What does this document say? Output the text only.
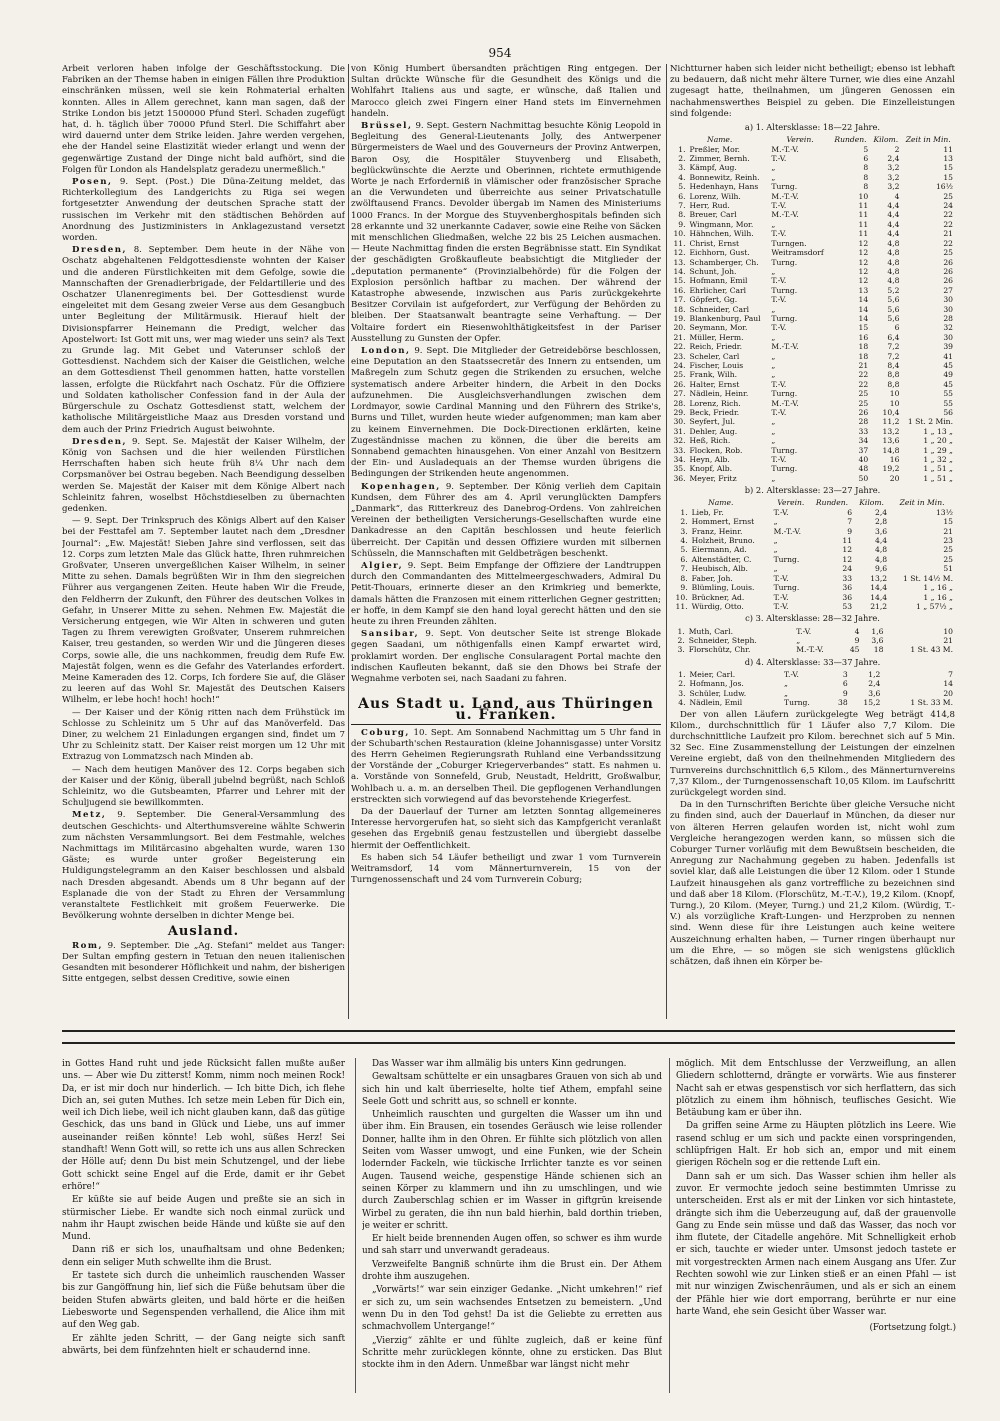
954

Arbeit verloren haben infolge der Geschäftsstockung. Die Fabriken an der Themse haben in einigen Fällen ihre Produktion einschränken müssen, weil sie kein Rohmaterial erhalten konnten. Alles in Allem gerechnet, kann man sagen, daß der Strike London bis jetzt 1500000 Pfund Sterl. Schaden zugefügt hat, d. h. täglich über 70000 Pfund Sterl. Die Schiffahrt aber wird dauernd unter dem Strike leiden. Jahre werden vergehen, ehe der Handel seine Elastizität wieder erlangt und wenn der gegenwärtige Zustand der Dinge nicht bald aufhört, sind die Folgen für London als Handelsplatz geradezu unermeßlich."

Posen, 9. Sept. (Post.) Die Düna-Zeitung meldet, das Richterkollegium des Landgerichts zu Riga sei wegen fortgesetzter Anwendung der deutschen Sprache statt der russischen im Verkehr mit den städtischen Behörden auf Anordnung des Justizministers in Anklagezustand versetzt worden.

Dresden, 8. September. Dem heute in der Nähe von Oschatz abgehaltenen Feldgottesdienste wohnten der Kaiser und die anderen Fürstlichkeiten mit dem Gefolge, sowie die Mannschaften der Grenadierbrigade, der Feldartillerie und des Oschatzer Ulanenregiments bei. Der Gottesdienst wurde eingeleitet mit dem Gesang zweier Verse aus dem Gesangbuch unter Begleitung der Militärmusik. Hierauf hielt der Divisionspfarrer Heinemann die Predigt, welcher das Apostelwort: Ist Gott mit uns, wer mag wieder uns sein? als Text zu Grunde lag. Mit Gebet und Vaterunser schloß der Gottesdienst. Nachdem sich der Kaiser die Geistlichen, welche an dem Gottesdienst Theil genommen hatten, hatte vorstellen lassen, erfolgte die Rückfahrt nach Oschatz. Für die Offiziere und Soldaten katholischer Confession fand in der Aula der Bürgerschule zu Oschatz Gottesdienst statt, welchem der katholische Militärgeistliche Maaz aus Dresden vorstand und dem auch der Prinz Friedrich August beiwohnte.

Dresden, 9. Sept. Se. Majestät der Kaiser Wilhelm, der König von Sachsen und die hier weilenden Fürstlichen Herrschaften haben sich heute früh 8¼ Uhr nach dem Corpsmanöver bei Ostrau begeben. Nach Beendigung desselben werden Se. Majestät der Kaiser mit dem Könige Albert nach Schleinitz fahren, woselbst Höchstdieselben zu übernachten gedenken.

— 9. Sept. Der Trinkspruch des Königs Albert auf den Kaiser bei der Festtafel am 7. September lautet nach dem „Dresdner Journal“: „Ew. Majestät! Sieben Jahre sind verflossen, seit das 12. Corps zum letzten Male das Glück hatte, Ihren ruhmreichen Großvater, Unseren unvergeßlichen Kaiser Wilhelm, in seiner Mitte zu sehen. Damals begrüßten Wir in Ihm den siegreichen Führer aus vergangenen Zeiten. Heute haben Wir die Freude, den Feldherrn der Zukunft, den Führer des deutschen Volkes in Gefahr, in Unserer Mitte zu sehen. Nehmen Ew. Majestät die Versicherung entgegen, wie Wir Alten in schweren und guten Tagen zu Ihrem verewigten Großvater, Unserem ruhmreichen Kaiser, treu gestanden, so werden Wir und die Jüngeren dieses Corps, sowie alle, die uns nachkommen, freudig dem Rufe Ew. Majestät folgen, wenn es die Gefahr des Vaterlandes erfordert. Meine Kameraden des 12. Corps, Ich fordere Sie auf, die Gläser zu leeren auf das Wohl Sr. Majestät des Deutschen Kaisers Wilhelm, er lebe hoch! hoch! hoch!“

— Der Kaiser und der König ritten nach dem Frühstück im Schlosse zu Schleinitz um 5 Uhr auf das Manöverfeld. Das Diner, zu welchem 21 Einladungen ergangen sind, findet um 7 Uhr zu Schleinitz statt. Der Kaiser reist morgen um 12 Uhr mit Extrazug von Lommatzsch nach Minden ab.

— Nach dem heutigen Manöver des 12. Corps begaben sich der Kaiser und der König, überall jubelnd begrüßt, nach Schloß Schleinitz, wo die Gutsbeamten, Pfarrer und Lehrer mit der Schuljugend sie bewillkommten.

Metz, 9. September. Die General-Versammlung des deutschen Geschichts- und Alterthumsvereine wählte Schwerin zum nächsten Versammlungsort. Bei dem Festmahle, welches Nachmittags im Militärcasino abgehalten wurde, waren 130 Gäste; es wurde unter großer Begeisterung ein Huldigungstelegramm an den Kaiser beschlossen und alsbald nach Dresden abgesandt. Abends um 8 Uhr begann auf der Esplanade die von der Stadt zu Ehren der Versammlung veranstaltete Festlichkeit mit großem Feuerwerke. Die Bevölkerung wohnte derselben in dichter Menge bei.

Ausland.

Rom, 9. September. Die „Ag. Stefani“ meldet aus Tanger: Der Sultan empfing gestern in Tetuan den neuen italienischen Gesandten mit besonderer Höflichkeit und nahm, der bisherigen Sitte entgegen, selbst dessen Creditive, sowie einen

von König Humbert übersandten prächtigen Ring entgegen. Der Sultan drückte Wünsche für die Gesundheit des Königs und die Wohlfahrt Italiens aus und sagte, er wünsche, daß Italien und Marocco gleich zwei Fingern einer Hand stets im Einvernehmen handeln.

Brüssel, 9. Sept. Gestern Nachmittag besuchte König Leopold in Begleitung des General-Lieutenants Jolly, des Antwerpener Bürgermeisters de Wael und des Gouverneurs der Provinz Antwerpen, Baron Osy, die Hospitäler Stuyvenberg und Elisabeth, beglückwünschte die Aerzte und Oberinnen, richtete ermuthigende Worte je nach Erforderniß in vlämischer oder französischer Sprache an die Verwundeten und überreichte aus seiner Privatschatulle zwölftausend Francs. Devolder übergab im Namen des Ministeriums 1000 Francs. In der Morgue des Stuyvenberghospitals befinden sich 28 erkannte und 32 unerkannte Cadaver, sowie eine Reihe von Säcken mit menschlichen Gliedmaßen, welche 22 bis 25 Leichen ausmachen. — Heute Nachmittag finden die ersten Begräbnisse statt. Ein Syndikat der geschädigten Großkaufleute beabsichtigt die Mitglieder der „deputation permanente“ (Provinzialbehörde) für die Folgen der Explosion persönlich haftbar zu machen. Der während der Katastrophe abwesende, inzwischen aus Paris zurückgekehrte Besitzer Corvilain ist aufgefordert, zur Verfügung der Behörden zu bleiben. Der Staatsanwalt beantragte seine Verhaftung. — Der Voltaire fordert ein Riesenwohlthätigkeitsfest in der Pariser Ausstellung zu Gunsten der Opfer.

London, 9. Sept. Die Mitglieder der Getreidebörse beschlossen, eine Deputation an den Staatssecretär des Innern zu entsenden, um Maßregeln zum Schutz gegen die Strikenden zu ersuchen, welche systematisch andere Arbeiter hindern, die Arbeit in den Docks aufzunehmen. Die Ausgleichsverhandlungen zwischen dem Lordmayor, sowie Cardinal Manning und den Führern des Strike's, Burns und Tillet, wurden heute wieder aufgenommen; man kam aber zu keinem Einvernehmen. Die Dock-Directionen erklärten, keine Zugeständnisse machen zu können, die über die bereits am Sonnabend gemachten hinausgehen. Von einer Anzahl von Besitzern der Ein- und Ausladequais an der Themse wurden übrigens die Bedingungen der Strikenden heute angenommen.

Kopenhagen, 9. September. Der König verlieh dem Capitain Kundsen, dem Führer des am 4. April verunglückten Dampfers „Danmark“, das Ritterkreuz des Danebrog-Ordens. Von zahlreichen Vereinen der betheiligten Versicherungs-Gesellschaften wurde eine Dankadresse an den Capitän beschlossen und heute feierlich überreicht. Der Capitän und dessen Offiziere wurden mit silbernen Schüsseln, die Mannschaften mit Geldbeträgen beschenkt.

Algier, 9. Sept. Beim Empfange der Offiziere der Landtruppen durch den Commandanten des Mittelmeergeschwaders, Admiral Du Petit-Thouars, erinnerte dieser an den Krimkrieg und bemerkte, damals hätten die Franzosen mit einem ritterlichen Gegner gestritten; er hoffe, in dem Kampf sie den hand loyal gerecht hätten und den sie heute zu ihren Freunden zählten.

Sansibar, 9. Sept. Von deutscher Seite ist strenge Blokade gegen Saadani, um nöthigenfalls einen Kampf erwartet wird, proklamirt worden. Der englische Consularagent Portal machte den indischen Kaufleuten bekannt, daß sie den Dhows bei Strafe der Wegnahme verboten sei, nach Saadani zu fahren.

Aus Stadt u. Land, aus Thüringen u. Franken.

Coburg, 10. Sept. Am Sonnabend Nachmittag um 5 Uhr fand in der Schubarth'schen Restauration (kleine Johannisgasse) unter Vorsitz des Herrn Geheimen Regierungsrath Ruhland eine Verbandssitzung der Vorstände der „Coburger Kriegerverbandes“ statt. Es nahmen u. a. Vorstände von Sonnefeld, Grub, Neustadt, Heldritt, Großwalbur, Wohlbach u. a. m. an derselben Theil. Die gepflogenen Verhandlungen erstreckten sich vorwiegend auf das bevorstehende Kriegerfest.

Da der Dauerlauf der Turner am letzten Sonntag allgemeineres Interesse hervorgerufen hat, so sieht sich das Kampfgericht veranlaßt gesehen das Ergebniß genau festzustellen und übergiebt dasselbe hiermit der Oeffentlichkeit.

Es haben sich 54 Läufer betheiligt und zwar 1 vom Turnverein Weitramsdorf, 14 vom Männerturnverein, 15 von der Turngenossenschaft und 24 vom Turnverein Coburg;

Nichtturner haben sich leider nicht betheiligt; ebenso ist lebhaft zu bedauern, daß nicht mehr ältere Turner, wie dies eine Anzahl zugesagt hatte, theilnahmen, um jüngeren Genossen ein nachahmenswerthes Beispiel zu geben. Die Einzelleistungen sind folgende:

a) 1. Altersklasse: 18—22 Jahre.
Name.		Verein.	Runden.	Kilom.	Zeit in Min.
1.	Preßler, Mor.	M.-T.-V.	5	2	11
2.	Zimmer, Bernh.	T.-V.	6	2,4	13
3.	Kämpf, Aug.	„	8	3,2	15
4.	Bonnewitz, Reinh.	„	8	3,2	15
5.	Hedenhayn, Hans	Turng.	8	3,2	16½
6.	Lorenz, Wilh.	M.-T.-V.	10	4	25
7.	Herr, Rud.	T.-V.	11	4,4	24
8.	Breuer, Carl	M.-T.-V.	11	4,4	22
9.	Wingmann, Mor.	„	11	4,4	22
10.	Hähnchen, Wilh.	T.-V.	11	4,4	21
11.	Christ, Ernst	Turngen.	12	4,8	22
12.	Eichhorn, Gust.	Weitramsdorf	12	4,8	25
13.	Schamberger, Ch.	Turng.	12	4,8	26
14.	Schunt, Joh.	„	12	4,8	26
15.	Hofmann, Emil	T.-V.	12	4,8	26
16.	Ehrlicher, Carl	Turng.	13	5,2	27
17.	Göpfert, Gg.	T.-V.	14	5,6	30
18.	Schneider, Carl	„	14	5,6	30
19.	Blankenburg, Paul	Turng.	14	5,6	28
20.	Seymann, Mor.	T.-V.	15	6	32
21.	Müller, Herm.	„	16	6,4	30
22.	Reich, Friedr.	M.-T.-V.	18	7,2	39
23.	Scheler, Carl	„	18	7,2	41
24.	Fischer, Louis	„	21	8,4	45
25.	Frank, Wilh.	„	22	8,8	49
26.	Halter, Ernst	T.-V.	22	8,8	45
27.	Nädlein, Heinr.	Turng.	25	10	55
28.	Lorenz, Rich.	M.-T.-V.	25	10	55
29.	Beck, Friedr.	T.-V.	26	10,4	56
30.	Seyfert, Jul.	„	28	11,2	1 St. 2 Min.
31.	Dehler, Aug.	„	33	13,2	1 „ 13 „
32.	Heß, Rich.	„	34	13,6	1 „ 20 „
33.	Flocken, Rob.	Turng.	37	14,8	1 „ 29 „
34.	Heyn, Alb.	T.-V.	40	16	1 „ 32 „
35.	Knopf, Alb.	Turng.	48	19,2	1 „ 51 „
36.	Meyer, Fritz	„	50	20	1 „ 51 „
b) 2. Altersklasse: 23—27 Jahre.
Name.		Verein.	Runden.	Kilom.	Zeit in Min.
1.	Lieb, Fr.	T.-V.	6	2,4	13½
2.	Hommert, Ernst	„	7	2,8	15
3.	Franz, Heinr.	M.-T.-V.	9	3,6	21
4.	Holzheit, Bruno.	„	11	4,4	23
5.	Eiermann, Ad.	„	12	4,8	25
6.	Altenstädter, C.	Turng.	12	4,8	25
7.	Heubisch, Alb.	„	24	9,6	51
8.	Faber, Joh.	T.-V.	33	13,2	1 St. 14½ M.
9.	Blümling, Louis.	Turng.	36	14,4	1 „ 16 „
10.	Brückner, Ad.	T.-V.	36	14,4	1 „ 16 „
11.	Würdig, Otto.	T.-V.	53	21,2	1 „ 57½ „
c) 3. Altersklasse: 28—32 Jahre.
1.	Muth, Carl.	T.-V.	4	1,6	10
2.	Schneider, Steph.	„	9	3,6	21
3.	Florschütz, Chr.	M.-T.-V.	45	18	1 St. 43 M.
d) 4. Altersklasse: 33—37 Jahre.
1.	Meier, Carl.	T.-V.	3	1,2	7
2.	Hofmann, Jos.	„	6	2,4	14
3.	Schüler, Ludw.	„	9	3,6	20
4.	Nädlein, Emil	Turng.	38	15,2	1 St. 33 M.

Der von allen Läufern zurückgelegte Weg beträgt 414,8 Kilom., durchschnittlich für 1 Läufer also 7,7 Kilom. Die durchschnittliche Laufzeit pro Kilom. berechnet sich auf 5 Min. 32 Sec. Eine Zusammenstellung der Leistungen der einzelnen Vereine ergiebt, daß von den theilnehmenden Mitgliedern des Turnvereins durchschnittlich 6,5 Kilom., des Männerturnvereins 7,37 Kilom., der Turngenossenschaft 10,05 Kilom. im Laufschritt zurückgelegt worden sind.

Da in den Turnschriften Berichte über gleiche Versuche nicht zu finden sind, auch der Dauerlauf in München, da dieser nur von älteren Herren gelaufen worden ist, nicht wohl zum Vergleiche herangezogen werden kann, so müssen sich die Coburger Turner vorläufig mit dem Bewußtsein bescheiden, die Anregung zur Nachahmung gegeben zu haben. Jedenfalls ist soviel klar, daß alle Leistungen die über 12 Kilom. oder 1 Stunde Laufzeit hinausgehen als ganz vortreffliche zu bezeichnen sind und daß aber 18 Kilom. (Florschütz, M.-T.-V.), 19,2 Kilom. (Knopf, Turng.), 20 Kilom. (Meyer, Turng.) und 21,2 Kilom. (Würdig, T.-V.) als vorzügliche Kraft-Lungen- und Herzproben zu nennen sind. Wenn diese für ihre Leistungen auch keine weitere Auszeichnung erhalten haben, — Turner ringen überhaupt nur um die Ehre, — so mögen sie sich wenigstens glücklich schätzen, daß ihnen ein Körper be-

in Gottes Hand ruht und jede Rücksicht fallen mußte außer uns. — Aber wie Du zitterst! Komm, nimm noch meinen Rock! Da, er ist mir doch nur hinderlich. — Ich bitte Dich, ich flehe Dich an, sei guten Muthes. Ich setze mein Leben für Dich ein, weil ich Dich liebe, weil ich nicht glauben kann, daß das gütige Geschick, das uns band in Glück und Liebe, uns auf immer auseinander reißen könnte! Leb wohl, süßes Herz! Sei standhaft! Wenn Gott will, so rette ich uns aus allen Schrecken der Hölle auf; denn Du bist mein Schutzengel, und der liebe Gott schickt seine Engel auf die Erde, damit er ihr Gebet erhöre!“

Er küßte sie auf beide Augen und preßte sie an sich in stürmischer Liebe. Er wandte sich noch einmal zurück und nahm ihr Haupt zwischen beide Hände und küßte sie auf den Mund.

Dann riß er sich los, unaufhaltsam und ohne Bedenken; denn ein seliger Muth schwellte ihm die Brust.

Er tastete sich durch die unheimlich rauschenden Wasser bis zur Gangöffnung hin, lief sich die Füße behutsam über die beiden Stufen abwärts gleiten, und bald hörte er die heißen Liebesworte und Segenspenden verhallend, die Alice ihm mit auf den Weg gab.

Er zählte jeden Schritt, — der Gang neigte sich sanft abwärts, bei dem fünfzehnten hielt er schaudernd inne.

Das Wasser war ihm allmälig bis unters Kinn gedrungen.

Gewaltsam schüttelte er ein unsagbares Grauen von sich ab und sich hin und kalt überrieselte, holte tief Athem, empfahl seine Seele Gott und schritt aus, so schnell er konnte.

Unheimlich rauschten und gurgelten die Wasser um ihn und über ihm. Ein Brausen, ein tosendes Geräusch wie leise rollender Donner, hallte ihm in den Ohren. Er fühlte sich plötzlich von allen Seiten vom Wasser umwogt, und eine Funken, wie der Schein lodernder Fackeln, wie tückische Irrlichter tanzte es vor seinen Augen. Tausend weiche, gespenstige Hände schienen sich an seinen Körper zu klammern und ihn zu umschlingen, und wie durch Zauberschlag schien er im Wasser in giftgrün kreisende Wirbel zu geraten, die ihn nun bald hierhin, bald dorthin trieben, je weiter er schritt.

Er hielt beide brennenden Augen offen, so schwer es ihm wurde und sah starr und unverwandt geradeaus.

Verzweifelte Bangniß schnürte ihm die Brust ein. Der Athem drohte ihm auszugehen.

„Vorwärts!“ war sein einziger Gedanke. „Nicht umkehren!“ rief er sich zu, um sein wachsendes Entsetzen zu bemeistern. „Und wenn Du in den Tod gehst! Da ist die Geliebte zu erretten aus schmachvollem Untergange!“

„Vierzig“ zählte er und fühlte zugleich, daß er keine fünf Schritte mehr zurücklegen könnte, ohne zu ersticken. Das Blut stockte ihm in den Adern. Unmeßbar war längst nicht mehr

möglich. Mit dem Entschlusse der Verzweiflung, an allen Gliedern schlotternd, drängte er vorwärts. Wie aus finsterer Nacht sah er etwas gespenstisch vor sich herflattern, das sich plötzlich zu einem ihm höhnisch, teuflisches Gesicht. Wie Betäubung kam er über ihn.

Da griffen seine Arme zu Häupten plötzlich ins Leere. Wie rasend schlug er um sich und packte einen vorspringenden, schlüpfrigen Halt. Er hob sich an, empor und mit einem gierigen Röcheln sog er die rettende Luft ein.

Dann sah er um sich. Das Wasser schien ihm heller als zuvor. Er vermochte jedoch seine bestimmten Umrisse zu unterscheiden. Erst als er mit der Linken vor sich hintastete, drängte sich ihm die Ueberzeugung auf, daß der grauenvolle Gang zu Ende sein müsse und daß das Wasser, das noch vor ihm flutete, der Citadelle angehöre. Mit Schnelligkeit erhob er sich, tauchte er wieder unter. Umsonst jedoch tastete er mit vorgestreckten Armen nach einem Ausgang ans Ufer. Zur Rechten sowohl wie zur Linken stieß er an einen Pfahl — ist mit nur winzigen Zwischenräumen, und als er sich an einem der Pfähle hier wie dort emporrang, berührte er nur eine harte Wand, ehe sein Gesicht über Wasser war.

(Fortsetzung folgt.)
